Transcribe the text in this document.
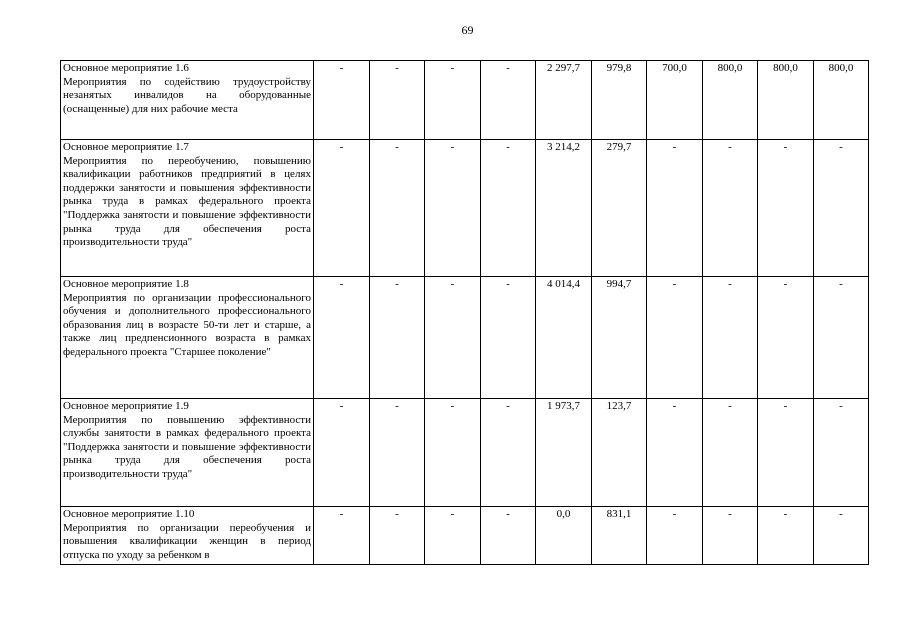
69
Основное мероприятие 1.6
Мероприятия по содействию трудоустройству незанятых инвалидов на оборудованные (оснащенные) для них рабочие места	-	-	-	-	2 297,7	979,8	700,0	800,0	800,0	800,0

Основное мероприятие 1.7
Мероприятия по переобучению, повышению квалификации работников предприятий в целях поддержки занятости и повышения эффективности рынка труда в рамках федерального проекта "Поддержка занятости и повышение эффективности рынка труда для обеспечения роста производительности труда"	-	-	-	-	3 214,2	279,7	-	-	-	-

Основное мероприятие 1.8
Мероприятия по организации профессионального обучения и дополнительного профессионального образования лиц в возрасте 50-ти лет и старше, а также лиц предпенсионного возраста в рамках федерального проекта "Старшее поколение"	-	-	-	-	4 014,4	994,7	-	-	-	-

Основное мероприятие 1.9
Мероприятия по повышению эффективности службы занятости в рамках федерального проекта "Поддержка занятости и повышение эффективности рынка труда для обеспечения роста производительности труда"	-	-	-	-	1 973,7	123,7	-	-	-	-

Основное мероприятие 1.10
Мероприятия по организации переобучения и повышения квалификации женщин в период отпуска по уходу за ребенком в	-	-	-	-	0,0	831,1	-	-	-	-
